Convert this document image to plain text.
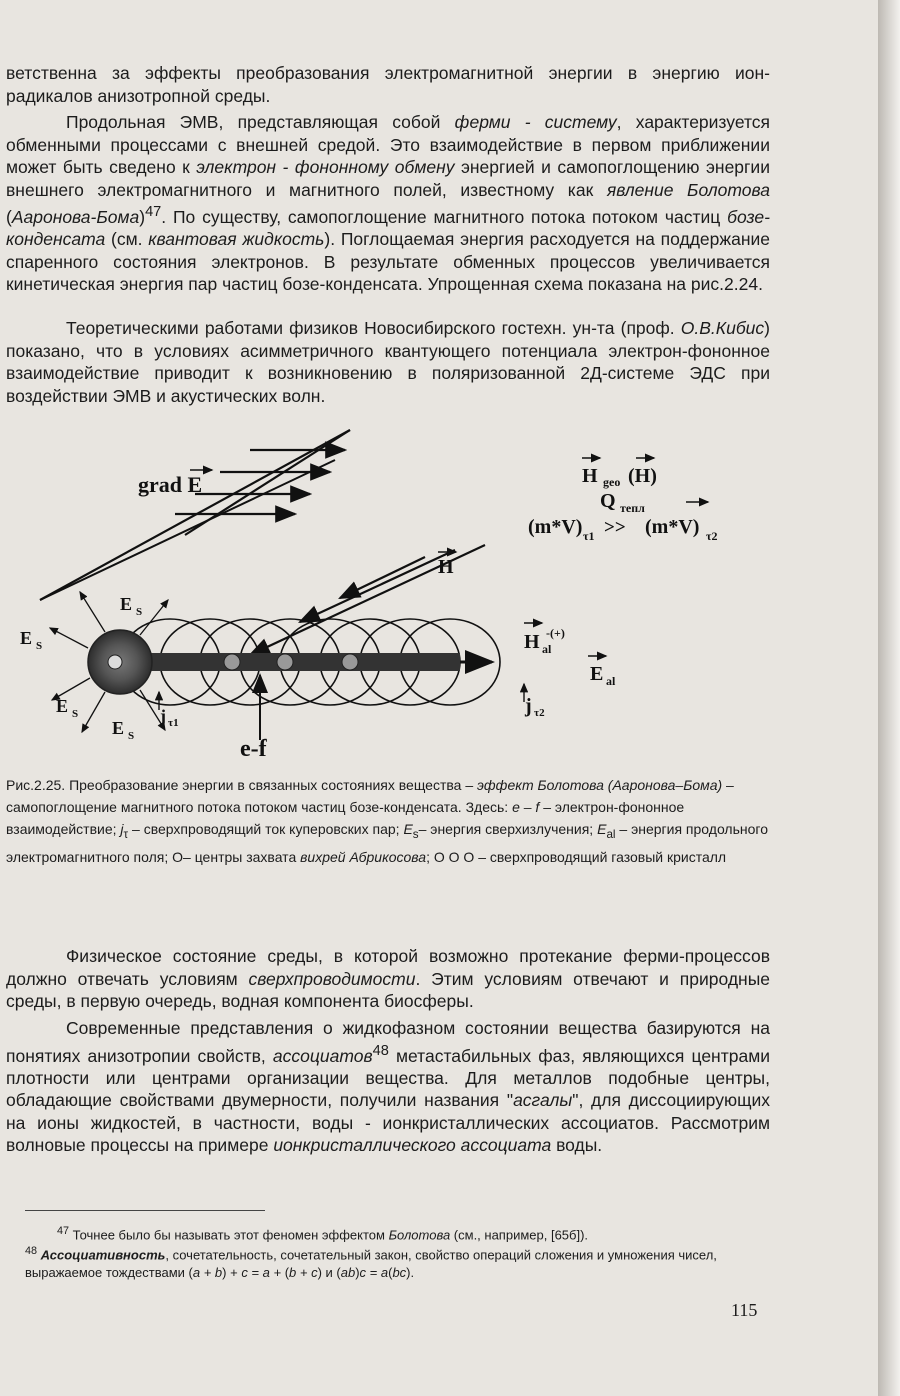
ветственна за эффекты преобразования электромагнитной энергии в энергию ион-радикалов анизотропной среды.

Продольная ЭМВ, представляющая собой ферми - систему, характеризуется обменными процессами с внешней средой. Это взаимодействие в первом приближении может быть сведено к электрон - фононному обмену энергией и самопоглощению энергии внешнего электромагнитного и магнитного полей, известному как явление Болотова (Ааронова-Бома)$^{47}$. По существу, самопоглощение магнитного потока потоком частиц бозе-конденсата (см. квантовая жидкость). Поглощаемая энергия расходуется на поддержание спаренного состояния электронов. В результате обменных процессов увеличивается кинетическая энергия пар частиц бозе-конденсата. Упрощенная схема показана на рис.2.24.

Теоретическими работами физиков Новосибирского гостехн. ун-та (проф. О.В.Кибис) показано, что в условиях асимметричного квантующего потенциала электрон-фононное взаимодействие приводит к возникновению в поляризованной 2Д-системе ЭДС при воздействии ЭМВ и акустических волн.

grad E	H geo (H)
Q тепл
(m*V) τ1 >> (m*V) τ2
H
E S
E S
E S
E S
j τ1
j τ2
H al
-(+)
E al
e-f

Рис.2.25. Преобразование энергии в связанных состояниях вещества – эффект Болотова (Ааронова–Бома) – самопоглощение магнитного потока потоком частиц бозе-конденсата. Здесь: e – f – электрон-фононное взаимодействие; $j_\tau$ – сверхпроводящий ток куперовских пар; $E_s-$ энергия сверхизлучения; $E_{al}$ – энергия продольного электромагнитного поля; O– центры захвата вихрей Абрикосова; O O O – сверхпроводящий газовый кристалл

Физическое состояние среды, в которой возможно протекание ферми-процессов должно отвечать условиям сверхпроводимости. Этим условиям отвечают и природные среды, в первую очередь, водная компонента биосферы.

Современные представления о жидкофазном состоянии вещества базируются на понятиях анизотропии свойств, ассоциатов$^{48}$ метастабильных фаз, являющихся центрами плотности или центрами организации вещества. Для металлов подобные центры, обладающие свойствами двумерности, получили названия "асгалы", для диссоциирующих на ионы жидкостей, в частности, воды - ионкристаллических ассоциатов. Рассмотрим волновые процессы на примере ионкристаллического ассоциата воды.

$^{47}$ Точнее было бы называть этот феномен эффектом Болотова (см., например, [65б]).

$^{48}$ Ассоциативность, сочетательность, сочетательный закон, свойство операций сложения и умножения чисел, выражаемое тождествами (a + b) + c = a + (b + c) и (ab)c = a(bc).

115
